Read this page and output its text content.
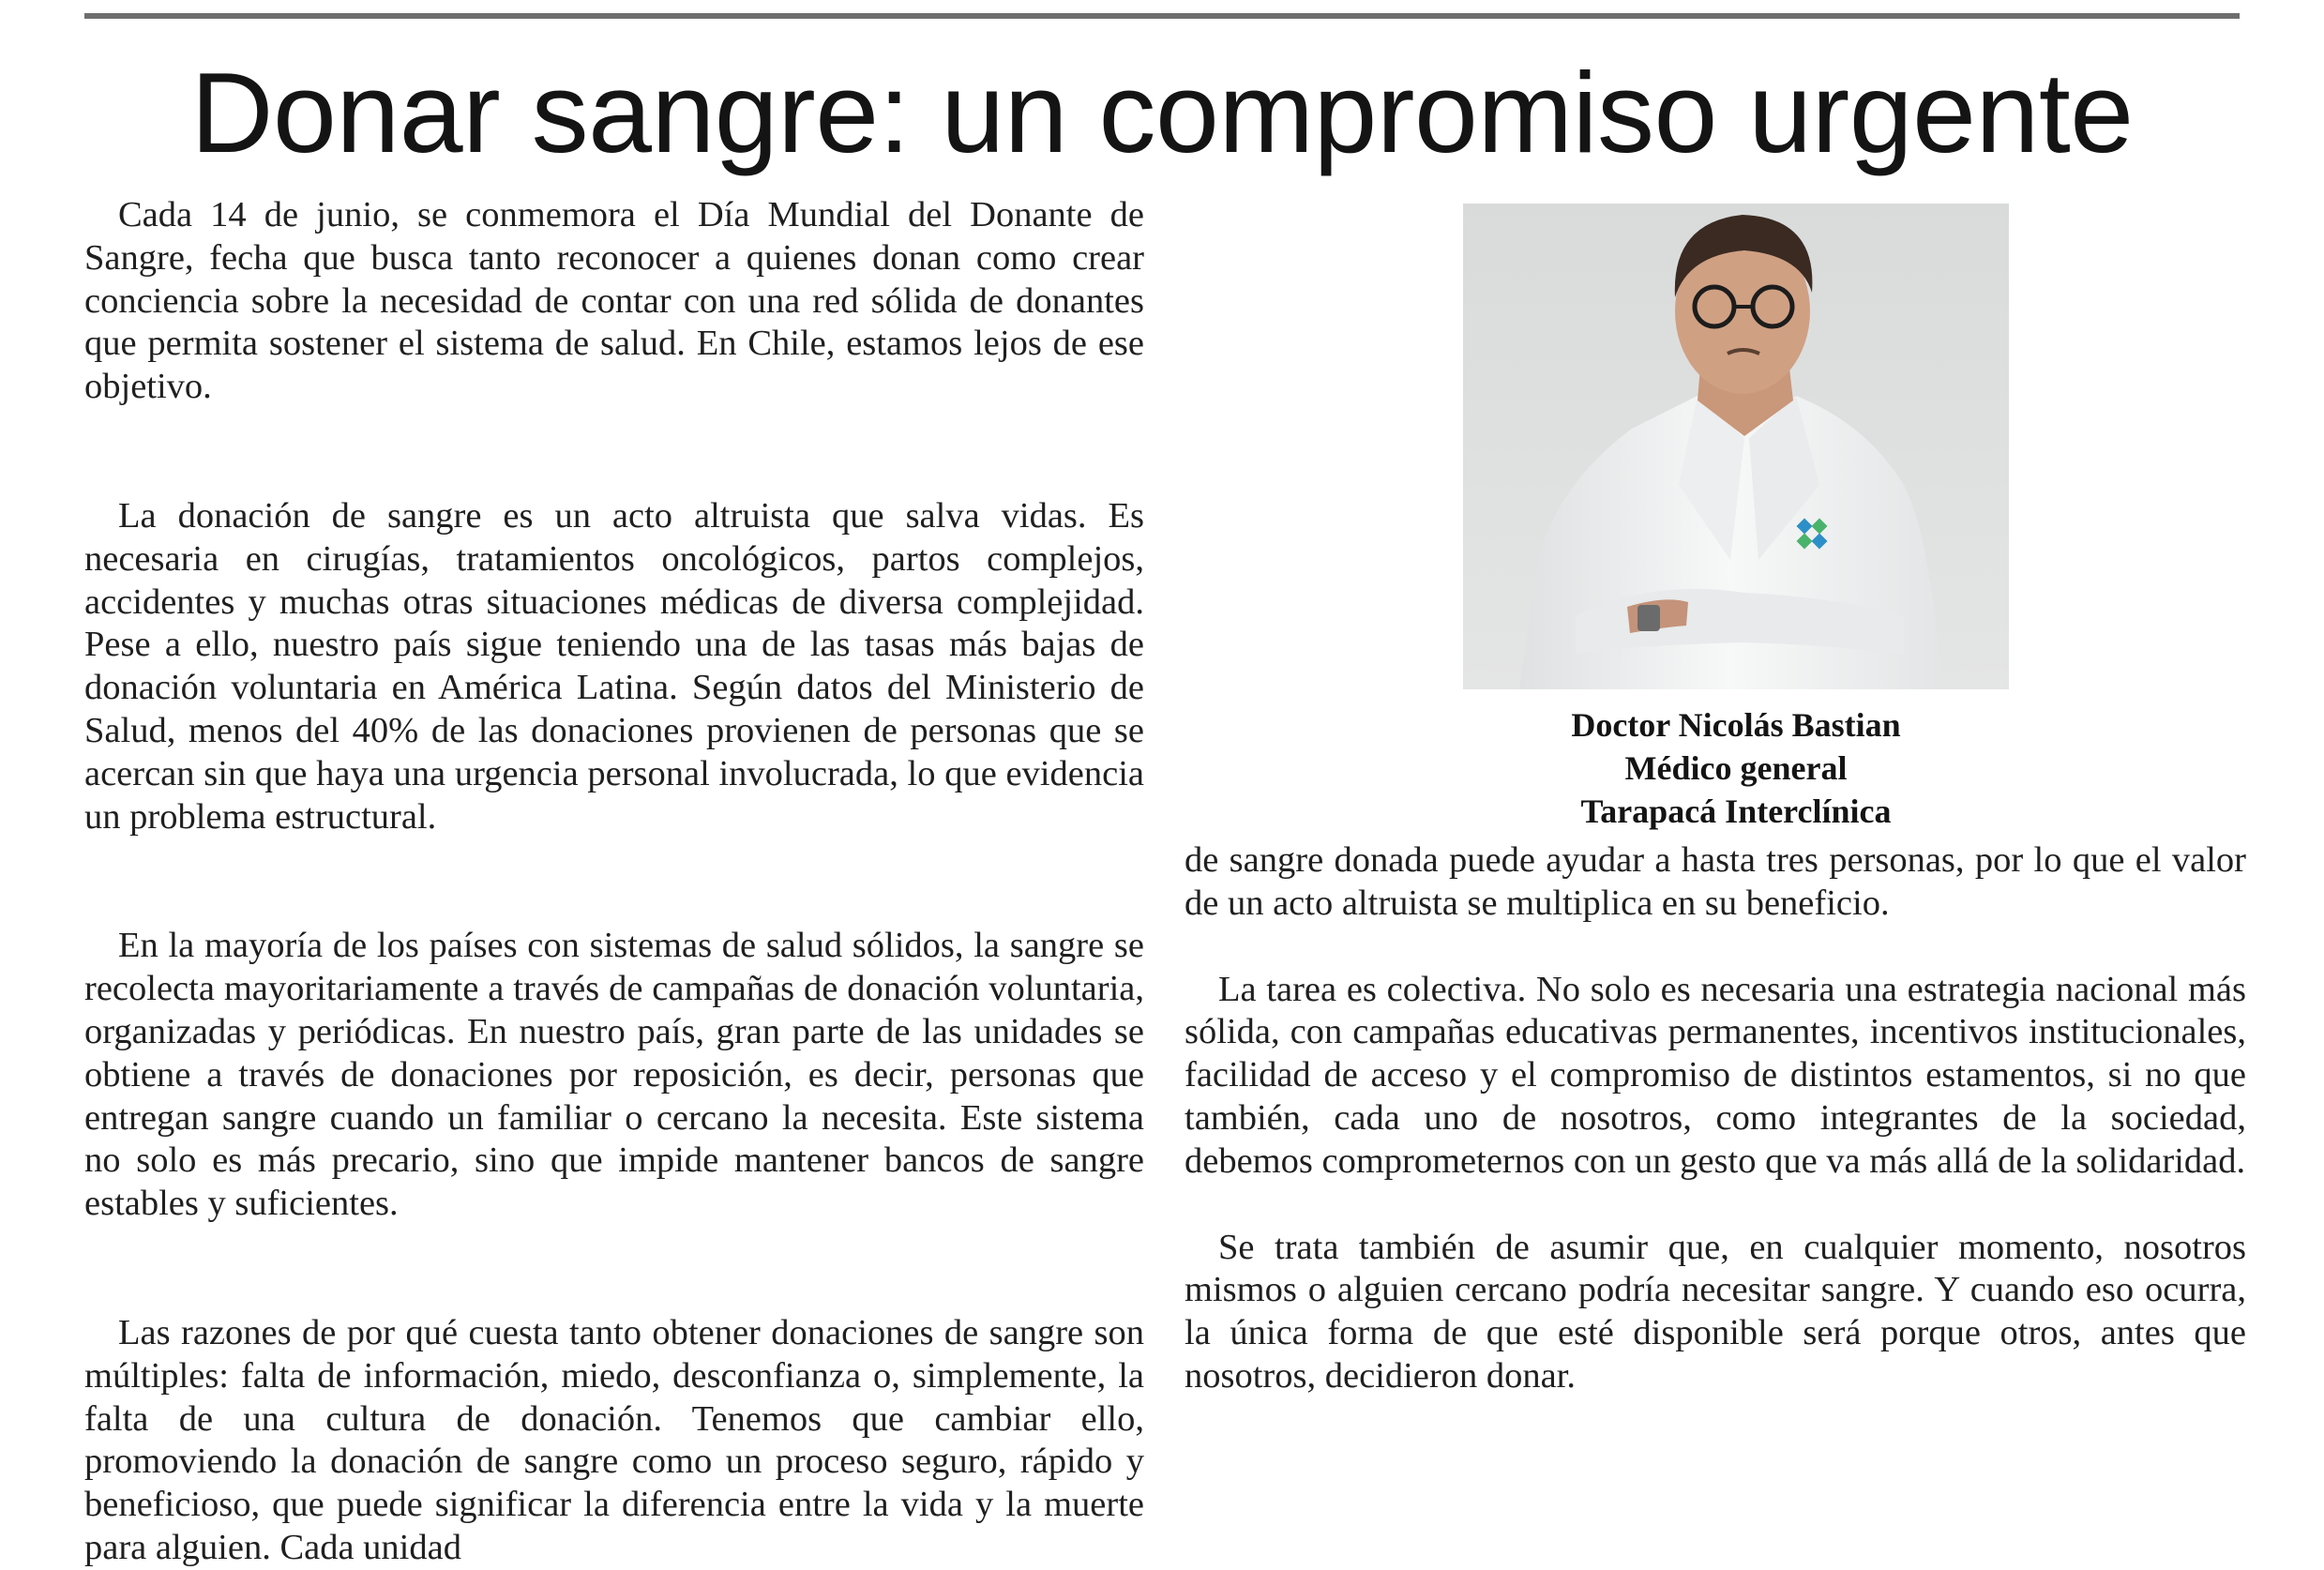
Donar sangre: un compromiso urgente

Cada 14 de junio, se conmemora el Día Mundial del Donante de Sangre, fecha que busca tanto reconocer a quienes donan como crear conciencia sobre la necesidad de contar con una red sólida de donantes que permita sostener el sistema de salud. En Chile, estamos lejos de ese objetivo.

La donación de sangre es un acto altruista que salva vidas. Es necesaria en cirugías, tratamientos oncológicos, partos complejos, accidentes y muchas otras situaciones médicas de diversa complejidad. Pese a ello, nuestro país sigue teniendo una de las tasas más bajas de donación voluntaria en América Latina. Según datos del Ministerio de Salud, menos del 40% de las donaciones provienen de personas que se acercan sin que haya una urgencia personal involucrada, lo que evidencia un problema estructural.

En la mayoría de los países con sistemas de salud sólidos, la sangre se recolecta mayoritariamente a través de campañas de donación voluntaria, organizadas y periódicas. En nuestro país, gran parte de las unidades se obtiene a través de donaciones por reposición, es decir, personas que entregan sangre cuando un familiar o cercano la necesita. Este sistema no solo es más precario, sino que impide mantener bancos de sangre estables y suficientes.

Las razones de por qué cuesta tanto obtener donaciones de sangre son múltiples: falta de información, miedo, desconfianza o, simplemente, la falta de una cultura de donación. Tenemos que cambiar ello, promoviendo la donación de sangre como un proceso seguro, rápido y beneficioso, que puede significar la diferencia entre la vida y la muerte para alguien. Cada unidad

Doctor Nicolás Bastian
Médico general
Tarapacá Interclínica

de sangre donada puede ayudar a hasta tres personas, por lo que el valor de un acto altruista se multiplica en su beneficio.

La tarea es colectiva. No solo es necesaria una estrategia nacional más sólida, con campañas educativas permanentes, incentivos institucionales, facilidad de acceso y el compromiso de distintos estamentos, si no que también, cada uno de nosotros, como integrantes de la sociedad, debemos comprometernos con un gesto que va más allá de la solidaridad.

Se trata también de asumir que, en cualquier momento, nosotros mismos o alguien cercano podría necesitar sangre. Y cuando eso ocurra, la única forma de que esté disponible será porque otros, antes que nosotros, decidieron donar.
